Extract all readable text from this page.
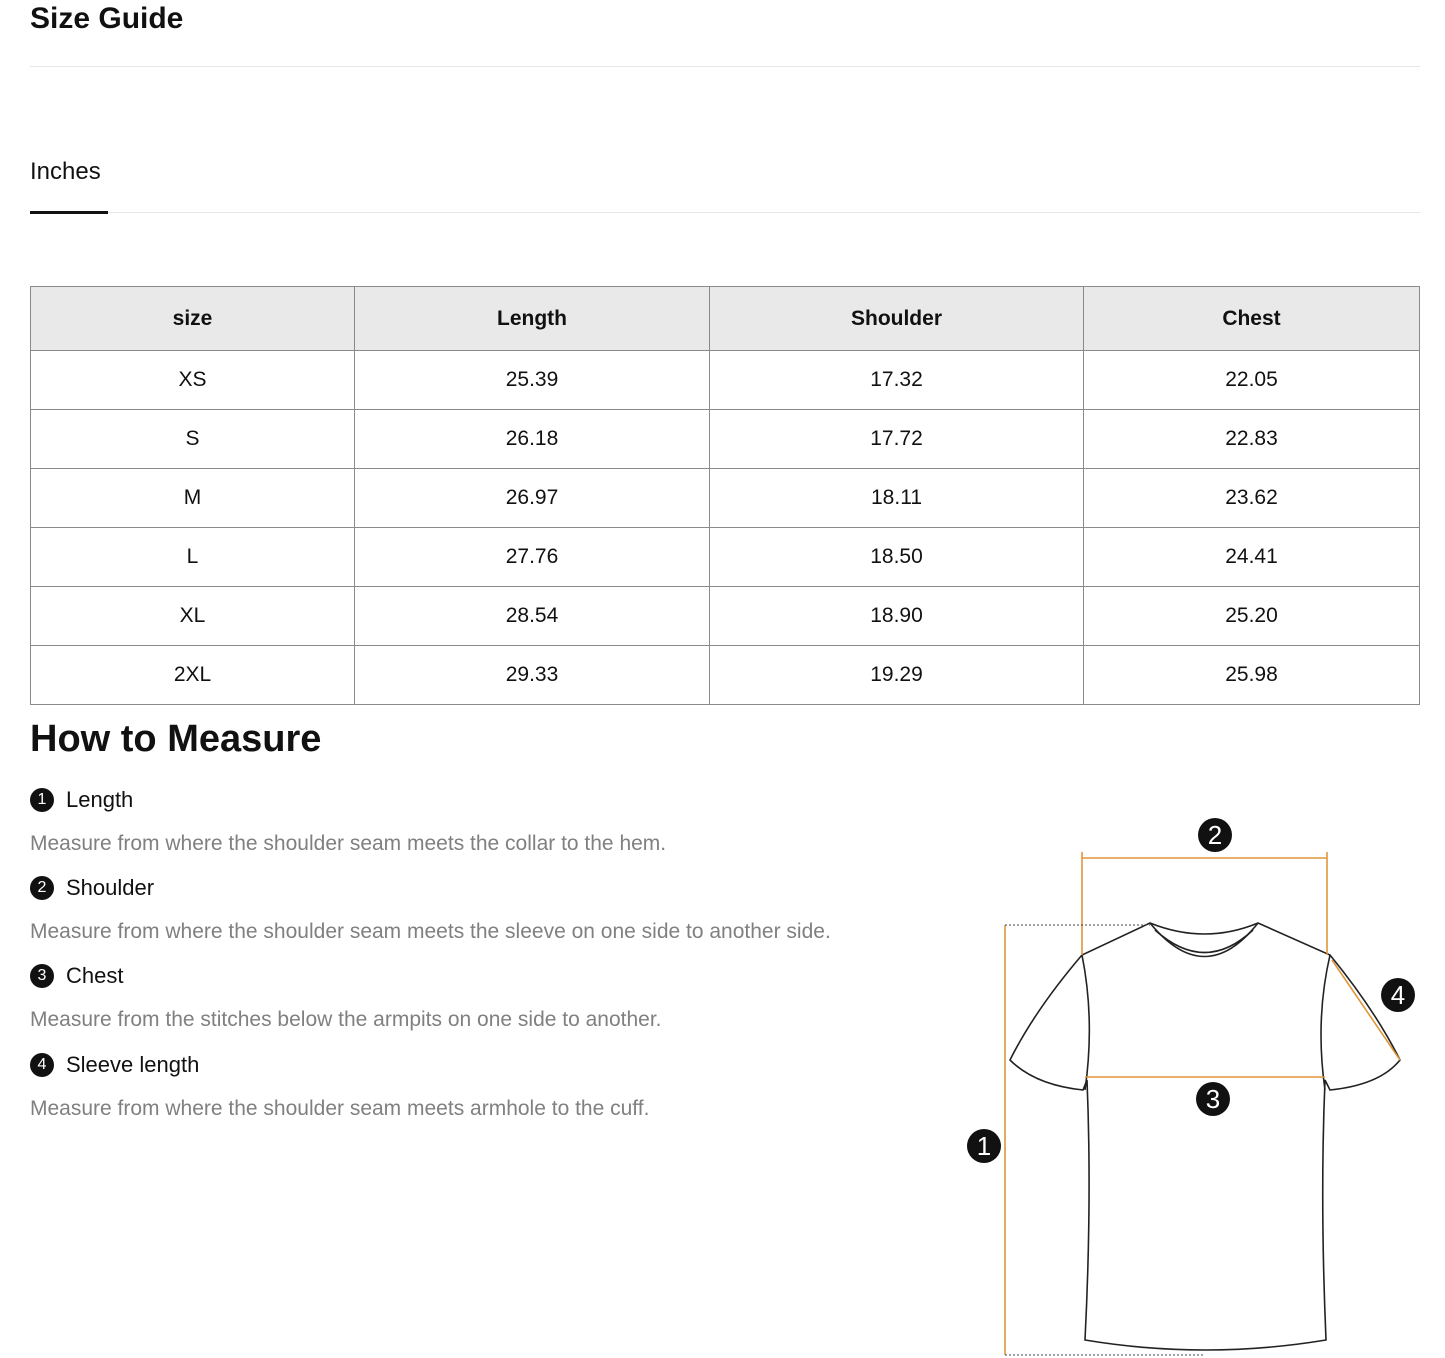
Size Guide
Inches
size	Length	Shoulder	Chest
XS	25.39	17.32	22.05
S	26.18	17.72	22.83
M	26.97	18.11	23.62
L	27.76	18.50	24.41
XL	28.54	18.90	25.20
2XL	29.33	19.29	25.98
How to Measure
1 Length
Measure from where the shoulder seam meets the collar to the hem.
2 Shoulder
Measure from where the shoulder seam meets the sleeve on one side to another side.
3 Chest
Measure from the stitches below the armpits on one side to another.
4 Sleeve length
Measure from where the shoulder seam meets armhole to the cuff.
1
2
3
4
